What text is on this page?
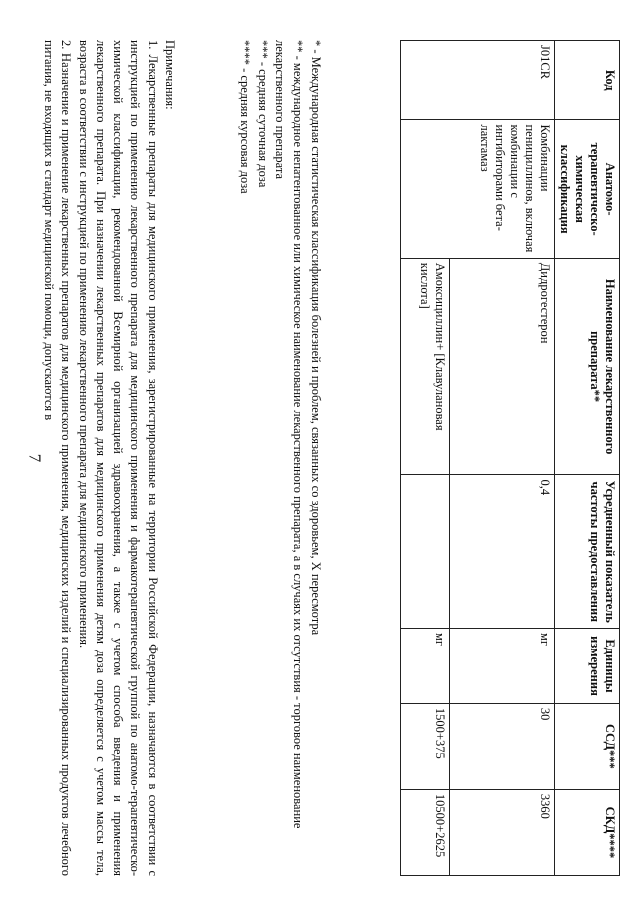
7
Код	Анатомо-терапевтическо-химическая классификация	Наименование лекарственного препарата**	Усредненный показатель частоты предоставления	Единицы измерения	ССД***	СКД****
J01CR	Комбинации пенициллинов, включая комбинации с ингибиторами бета-лактамаз	Дидрогестерон	0,4	мг	30	3360
		Амоксициллин+ [Клавулановая кислота]		мг	1500+375	10500+2625
* - Международная статистическая классификация болезней и проблем, связанных со здоровьем, X пересмотра
** - международное непатентованное или химическое наименование лекарственного препарата, а в случаях их отсутствия - торговое наименование лекарственного препарата
*** - средняя суточная доза
**** - средняя курсовая доза

Примечания:

1. Лекарственные препараты для медицинского применения, зарегистрированные на территории Российской Федерации, назначаются в соответствии с инструкцией по применению лекарственного препарата для медицинского применения и фармакотерапевтической группой по анатомо-терапевтическо-химической классификации, рекомендованной Всемирной организацией здравоохранения, а также с учетом способа введения и применения лекарственного препарата. При назначении лекарственных препаратов для медицинского применения детям доза определяется с учетом массы тела, возраста в соответствии с инструкцией по применению лекарственного препарата для медицинского применения.

2. Назначение и применение лекарственных препаратов для медицинского применения, медицинских изделий и специализированных продуктов лечебного питания, не входящих в стандарт медицинской помощи, допускаются в
